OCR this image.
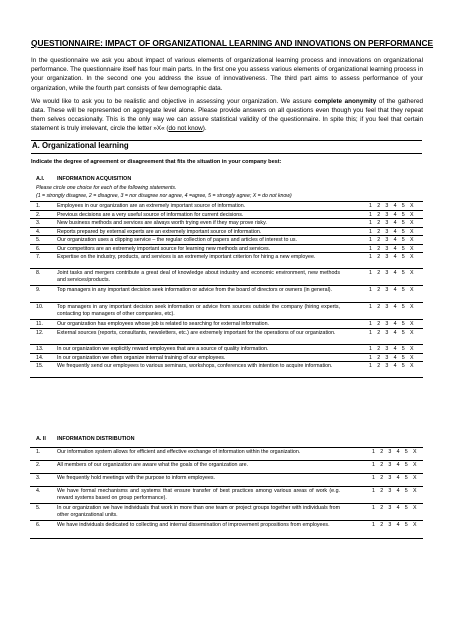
QUESTIONNAIRE: IMPACT OF ORGANIZATIONAL LEARNING AND INNOVATIONS ON PERFORMANCE

In the questionnaire we ask you about impact of various elements of organizational learning process and innovations on organizational performance. The questionnaire itself has four main parts. In the first one you assess various elements of organizational learning process in your organization. In the second one you address the issue of innovativeness. The third part aims to assess performance of your organization, while the fourth part consists of few demographic data.

We would like to ask you to be realistic and objective in assessing your organization. We assure complete anonymity of the gathered data. These will be represented on aggregate level alone. Please provide answers on all questions even though you feel that they repeat them selves occasionally. This is the only way we can assure statistical validity of the questionnaire. In spite this; if you feel that certain statement is truly irrelevant, circle the letter »X« (do not know).

A. Organizational learning
Indicate the degree of agreement or disagreement that fits the situation in your company best:
A.I. INFORMATION ACQUISITION
Please circle one choice for each of the following statements.
(1 = strongly disagree, 2 = disagree, 3 = nor disagree nor agree, 4 =agree, 5 = strongly agree; X = do not know)
1.	Employees in our organization are an extremely important source of information.	1 2 3 4 5 X
2.	Previous decisions are a very useful source of information for current decisions.	1 2 3 4 5 X
3.	New business methods and services are always worth trying even if they may prove risky.	1 2 3 4 5 X
4.	Reports prepared by external experts are an extremely important source of information.	1 2 3 4 5 X
5.	Our organization uses a clipping service – the regular collection of papers and articles of interest to us.	1 2 3 4 5 X
6.	Our competitors are an extremely important source for learning new methods and services.	1 2 3 4 5 X
7.	Expertise on the industry, products, and services is an extremely important criterion for hiring a new employee.	1 2 3 4 5 X
8.	Joint tasks and mergers contribute a great deal of knowledge about industry and economic environment, new methods and services/products.
1 2 3 4 5 X
9.	Top managers in any important decision seek information or advice from the board of directors or owners (in general).	1 2 3 4 5 X
10.	Top managers in any important decision seek information or advice from sources outside the company (hiring experts, contacting top managers of other companies, etc).
1 2 3 4 5 X
11.	Our organization has employees whose job is related to searching for external information.	1 2 3 4 5 X
12.	External sources (reports, consultants, newsletters, etc.) are extremely important for the operations of our organization.	1 2 3 4 5 X
13.	In our organization we explicitly reward employees that are a source of quality information.	1 2 3 4 5 X
14.	In our organization we often organize internal training of our employees.	1 2 3 4 5 X
15.	We frequently send our employees to various seminars, workshops, conferences with intention to acquire information.	1 2 3 4 5 X
A. II INFORMATION DISTRIBUTION
1.	Our information system allows for efficient and effective exchange of information within the organization.	1 2 3 4 5 X
2.	All members of our organization are aware what the goals of the organization are.	1 2 3 4 5 X
3.	We frequently hold meetings with the purpose to inform employees.	1 2 3 4 5 X
4.	We have formal mechanisms and systems that ensure transfer of best practices among various areas of work (e.g. reward systems based on group performance).
1 2 3 4 5 X
5.	In our organization we have individuals that work in more than one team or project groups together with individuals from other organizational units.
1 2 3 4 5 X
6.	We have individuals dedicated to collecting and internal dissemination of improvement propositions from employees.	1 2 3 4 5 X
